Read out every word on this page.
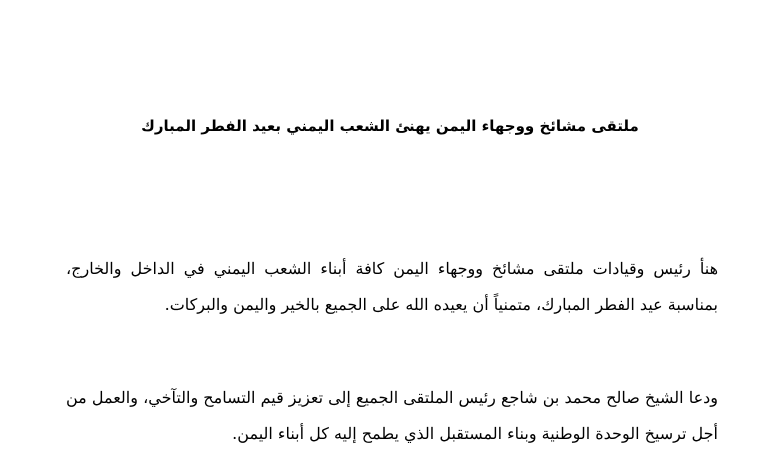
ملتقى مشائخ ووجهاء اليمن يهنئ الشعب اليمني بعيد الفطر المبارك

هنأ رئيس وقيادات ملتقى مشائخ ووجهاء اليمن كافة أبناء الشعب اليمني في الداخل والخارج، بمناسبة عيد الفطر المبارك، متمنياً أن يعيده الله على الجميع بالخير واليمن والبركات.

ودعا الشيخ صالح محمد بن شاجع رئيس الملتقى الجميع إلى تعزيز قيم التسامح والتآخي، والعمل من أجل ترسيخ الوحدة الوطنية وبناء المستقبل الذي يطمح إليه كل أبناء اليمن.
